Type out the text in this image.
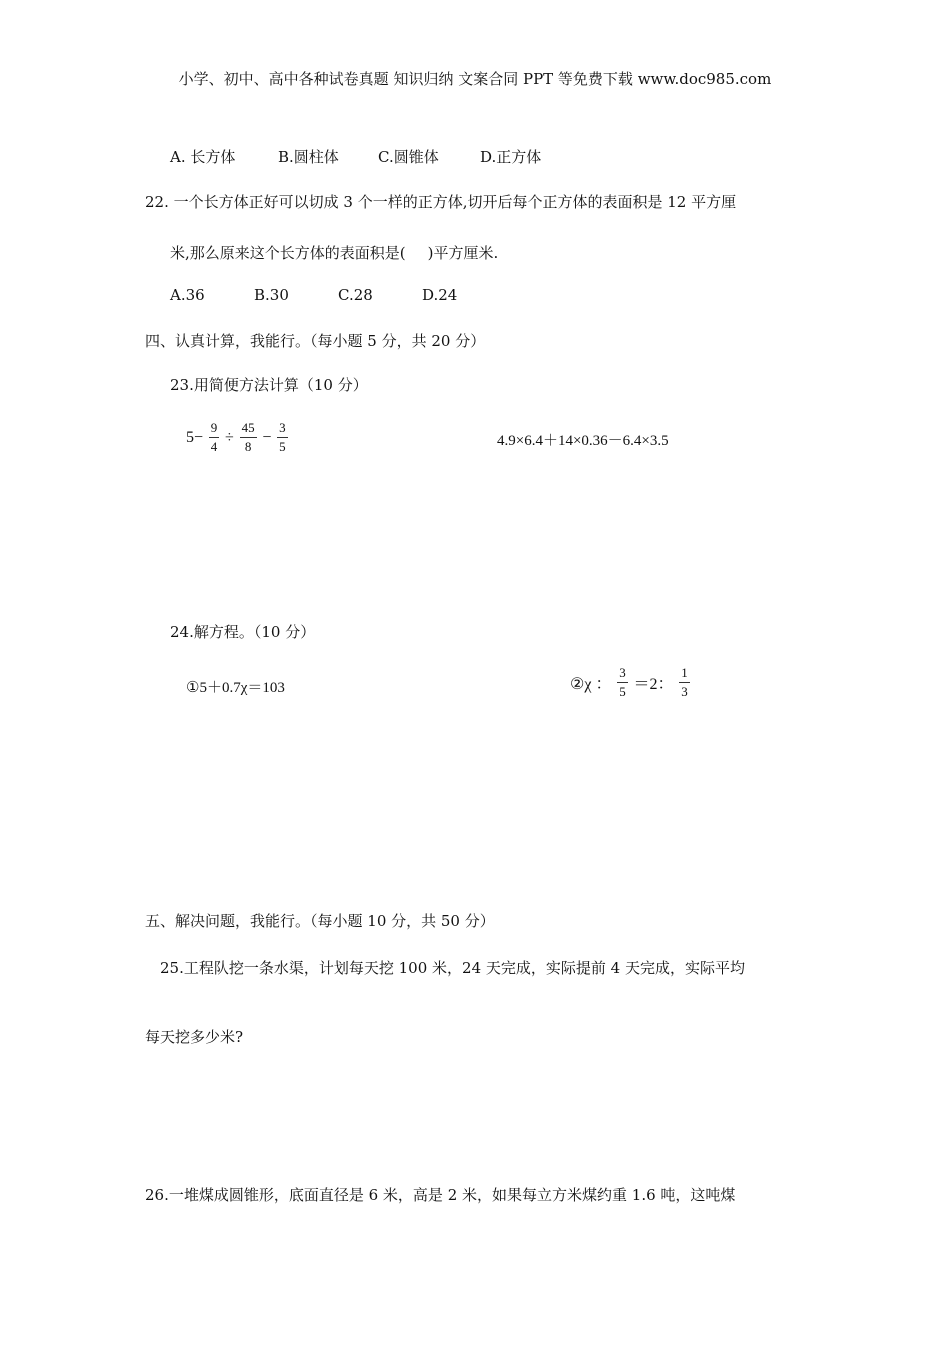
小学、初中、高中各种试卷真题 知识归纳 文案合同 PPT 等免费下载 www.doc985.com
A. 长方体	B.圆柱体	C.圆锥体	D.正方体
22. 一个长方体正好可以切成 3 个一样的正方体,切开后每个正方体的表面积是 12 平方厘
米,那么原来这个长方体的表面积是( )平方厘米.
A.36	B.30	C.28	D.24
四、认真计算，我能行。（每小题 5 分，共 20 分）
23.用简便方法计算（10 分）
$5- \frac{9}{4} \div \frac{45}{8} - \frac{3}{5}$	4.9×6.4＋14×0.36－6.4×3.5
24.解方程。（10 分）
①5＋0.7χ＝103	②χ ： $\frac{3}{5} =2$： $\frac{1}{3}$
五、解决问题，我能行。（每小题 10 分，共 50 分）
25.工程队挖一条水渠，计划每天挖 100 米，24 天完成，实际提前 4 天完成，实际平均
每天挖多少米?
26.一堆煤成圆锥形，底面直径是 6 米，高是 2 米，如果每立方米煤约重 1.6 吨，这吨煤
